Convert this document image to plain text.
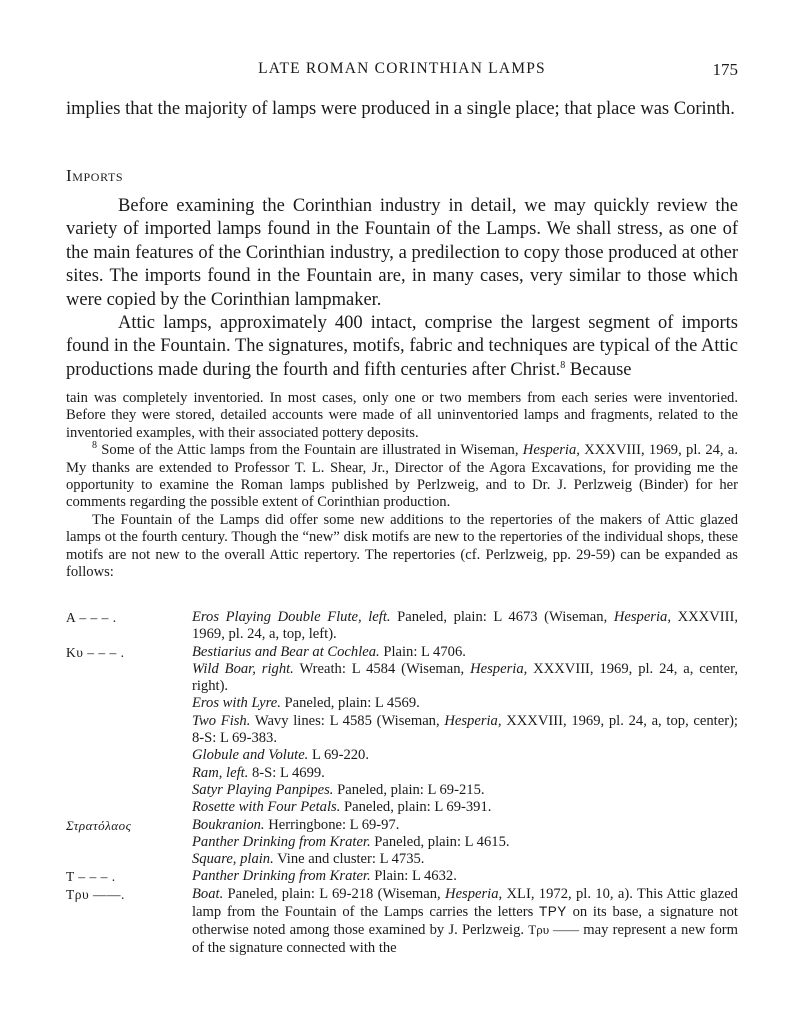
LATE ROMAN CORINTHIAN LAMPS	175

implies that the majority of lamps were produced in a single place; that place was Corinth.

Imports

Before examining the Corinthian industry in detail, we may quickly review the variety of imported lamps found in the Fountain of the Lamps. We shall stress, as one of the main features of the Corinthian industry, a predilection to copy those produced at other sites. The imports found in the Fountain are, in many cases, very similar to those which were copied by the Corinthian lampmaker.

Attic lamps, approximately 400 intact, comprise the largest segment of imports found in the Fountain. The signatures, motifs, fabric and techniques are typical of the Attic productions made during the fourth and fifth centuries after Christ.$^8$ Because

tain was completely inventoried. In most cases, only one or two members from each series were inventoried. Before they were stored, detailed accounts were made of all uninventoried lamps and fragments, related to the inventoried examples, with their associated pottery deposits.

$^8$ Some of the Attic lamps from the Fountain are illustrated in Wiseman, Hesperia, XXXVIII, 1969, pl. 24, a. My thanks are extended to Professor T. L. Shear, Jr., Director of the Agora Excavations, for providing me the opportunity to examine the Roman lamps published by Perlzweig, and to Dr. J. Perlzweig (Binder) for her comments regarding the possible extent of Corinthian production.

The Fountain of the Lamps did offer some new additions to the repertories of the makers of Attic glazed lamps ot the fourth century. Though the “new” disk motifs are new to the repertories of the individual shops, these motifs are not new to the overall Attic repertory. The repertories (cf. Perlzweig, pp. 29-59) can be expanded as follows:

A – – – .	Eros Playing Double Flute, left. Paneled, plain: L 4673 (Wiseman, Hesperia, XXXVIII, 1969, pl. 24, a, top, left).
Κυ – – – .	Bestiarius and Bear at Cochlea. Plain: L 4706.
Wild Boar, right. Wreath: L 4584 (Wiseman, Hesperia, XXXVIII, 1969, pl. 24, a, center, right).
Eros with Lyre. Paneled, plain: L 4569.
Two Fish. Wavy lines: L 4585 (Wiseman, Hesperia, XXXVIII, 1969, pl. 24, a, top, center); 8-S: L 69-383.
Globule and Volute. L 69-220.
Ram, left. 8-S: L 4699.
Satyr Playing Panpipes. Paneled, plain: L 69-215.
Rosette with Four Petals. Paneled, plain: L 69-391.
Στρατόλαος	Boukranion. Herringbone: L 69-97.
Panther Drinking from Krater. Paneled, plain: L 4615.
Square, plain. Vine and cluster: L 4735.
Τ – – – .	Panther Drinking from Krater. Plain: L 4632.
Τρυ ——.	Boat. Paneled, plain: L 69-218 (Wiseman, Hesperia, XLI, 1972, pl. 10, a). This Attic glazed lamp from the Fountain of the Lamps carries the letters TPY on its base, a signature not otherwise noted among those examined by J. Perlzweig. Τρυ —— may represent a new form of the signature connected with the
